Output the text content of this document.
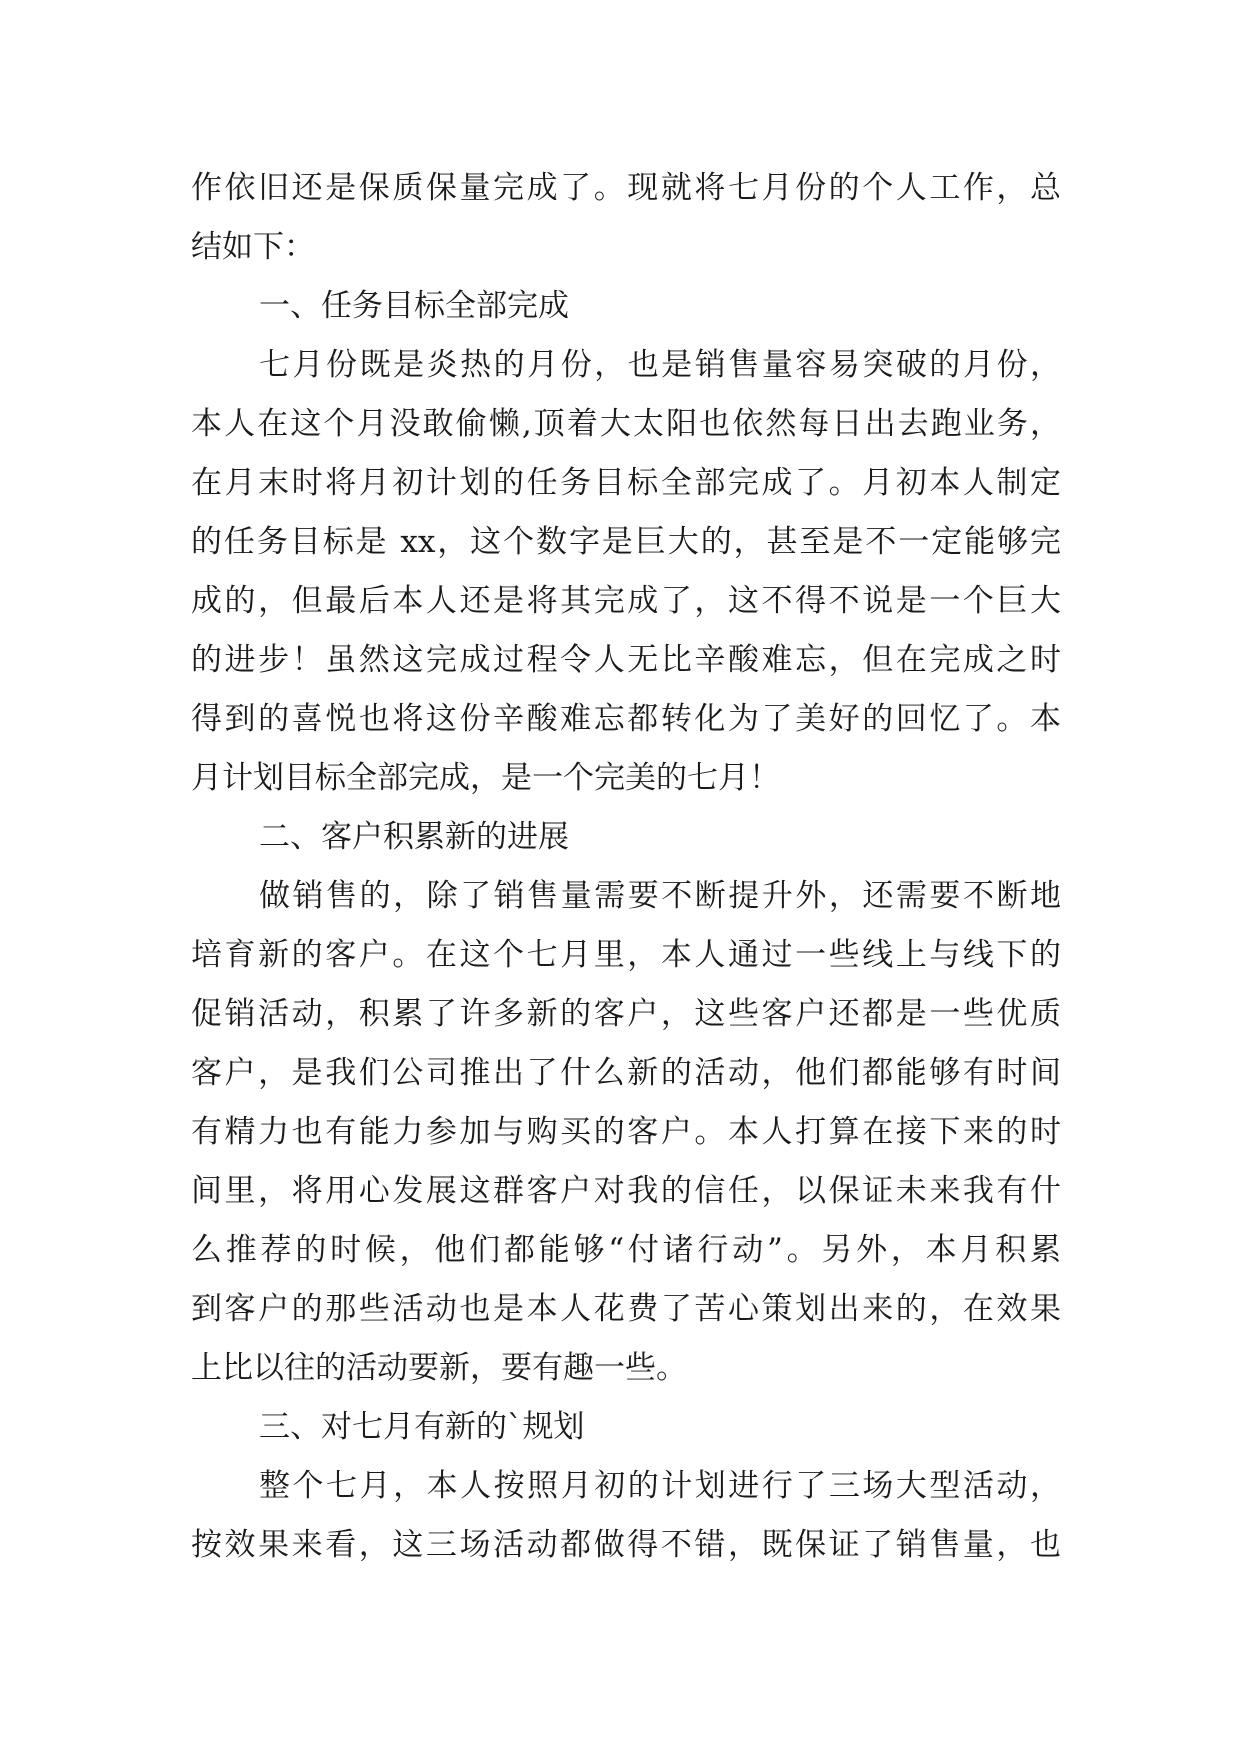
作依旧还是保质保量完成了。现就将七月份的个人工作，总
结如下：
一、任务目标全部完成
七月份既是炎热的月份，也是销售量容易突破的月份，
本人在这个月没敢偷懒,顶着大太阳也依然每日出去跑业务，
在月末时将月初计划的任务目标全部完成了。月初本人制定
的任务目标是 xx，这个数字是巨大的，甚至是不一定能够完
成的，但最后本人还是将其完成了，这不得不说是一个巨大
的进步！虽然这完成过程令人无比辛酸难忘，但在完成之时
得到的喜悦也将这份辛酸难忘都转化为了美好的回忆了。本
月计划目标全部完成，是一个完美的七月！
二、客户积累新的进展
做销售的，除了销售量需要不断提升外，还需要不断地
培育新的客户。在这个七月里，本人通过一些线上与线下的
促销活动，积累了许多新的客户，这些客户还都是一些优质
客户，是我们公司推出了什么新的活动，他们都能够有时间
有精力也有能力参加与购买的客户。本人打算在接下来的时
间里，将用心发展这群客户对我的信任，以保证未来我有什
么推荐的时候，他们都能够“付诸行动”。另外，本月积累
到客户的那些活动也是本人花费了苦心策划出来的，在效果
上比以往的活动要新，要有趣一些。
三、对七月有新的`规划
整个七月，本人按照月初的计划进行了三场大型活动，
按效果来看，这三场活动都做得不错，既保证了销售量，也
